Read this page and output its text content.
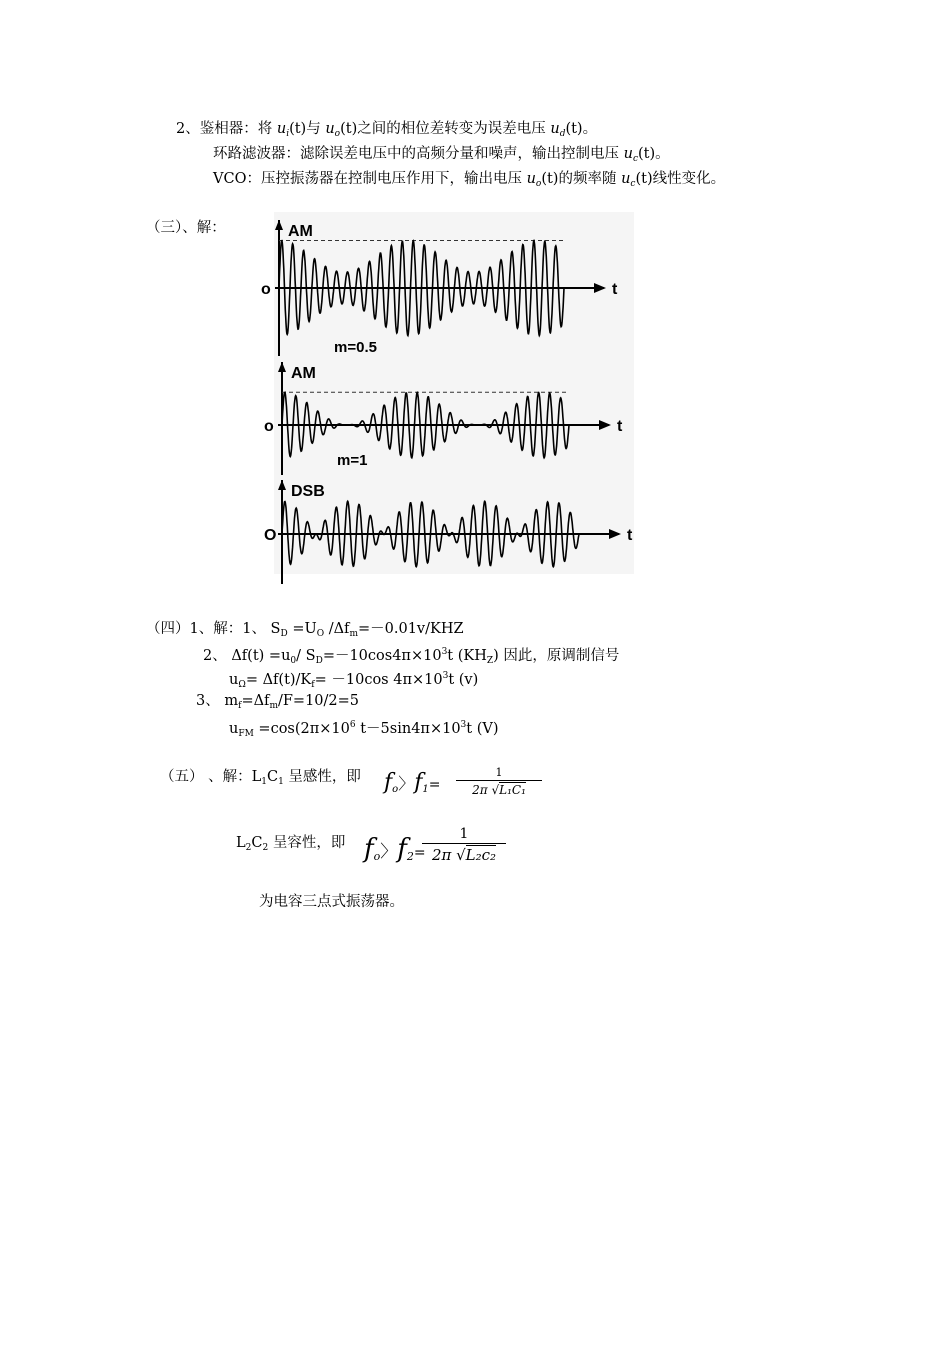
2、鉴相器：将 $u_i(t)$与 $u_o(t)$之间的相位差转变为误差电压 $u_d(t)$。
环路滤波器：滤除误差电压中的高频分量和噪声，输出控制电压 $u_c(t)$。
VCO：压控振荡器在控制电压作用下，输出电压 $u_o(t)$的频率随 $u_c(t)$线性变化。
（三）、解：	AM
o	t
m=0.5
AM
o	t
m=1
DSB
O	t
（四）1、解：1、 $S_D =U_O$ $/\Delta f_m=-0.01v$/KHZ
2、 $\Delta f(t) =u_0/$ $S_D=-10\cos 4\pi\times 10^3t$ $(KH_Z)$ 因此，原调制信号
$u_\Omega= \Delta f(t)/K_f= -10\cos$ $4\pi\times 10^3t$ (v)
3、 $m_f=\Delta f_m/F=10/2=5$
$u_{FM} =\cos(2\pi\times 10^6$ $t-5\sin 4\pi\times 10^3t$ (V)
（五） 、解：$L_1C_1$ 呈感性，即 $f_o$〉$f_1= \frac{1}{\text{2π √L₁C₁}}$
$L_2C_2$ 呈容性，即 $f_o$〉$f_2=$
$\frac{1}{\text{2π √L₂c₂}}$
为电容三点式振荡器。
